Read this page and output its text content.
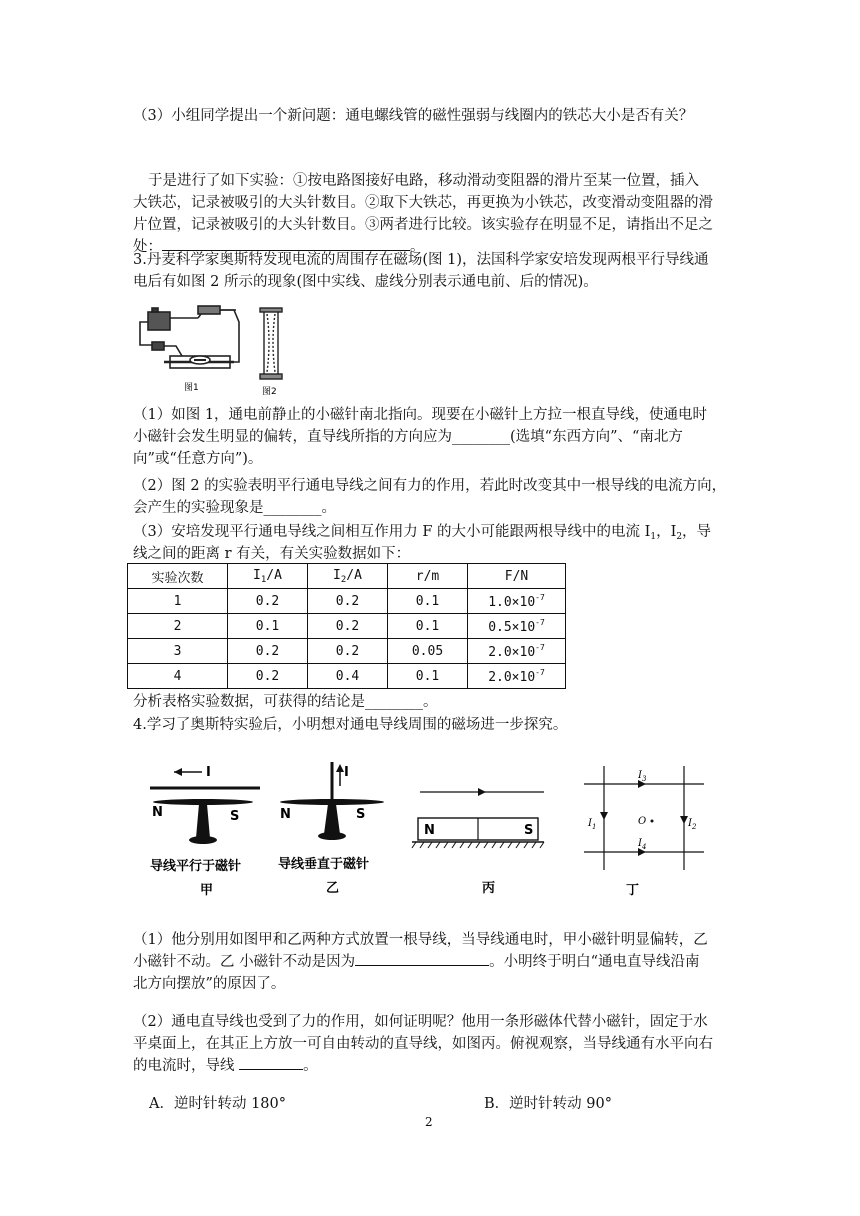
（3）小组同学提出一个新问题：通电螺线管的磁性强弱与线圈内的铁芯大小是否有关？
于是进行了如下实验：①按电路图接好电路，移动滑动变阻器的滑片至某一位置，插入
大铁芯，记录被吸引的大头针数目。②取下大铁芯，再更换为小铁芯，改变滑动变阻器的滑
片位置，记录被吸引的大头针数目。③两者进行比较。该实验存在明显不足，请指出不足之
处：	。
3.丹麦科学家奥斯特发现电流的周围存在磁场(图 1)，法国科学家安培发现两根平行导线通
电后有如图 2 所示的现象(图中实线、虚线分别表示通电前、后的情况)。
图1	图2
（1）如图 1，通电前静止的小磁针南北指向。现要在小磁针上方拉一根直导线，使通电时
小磁针会发生明显的偏转，直导线所指的方向应为________(选填“东西方向”、“南北方
向”或“任意方向”)。
（2）图 2 的实验表明平行通电导线之间有力的作用，若此时改变其中一根导线的电流方向，
会产生的实验现象是________。
（3）安培发现平行通电导线之间相互作用力 F 的大小可能跟两根导线中的电流 $I_1$，$I_2$，导
线之间的距离 r 有关，有关实验数据如下：
实验次数	$I_1/A$	$I_2/A$	r/m	F/N
1	0.2	0.2	0.1	$1.0\times 10^{-7}$
2	0.1	0.2	0.1	$0.5\times 10^{-7}$
3	0.2	0.2	0.05	$2.0\times 10^{-7}$
4	0.2	0.4	0.1	$2.0\times 10^{-7}$
分析表格实验数据，可获得的结论是________。
4.学习了奥斯特实验后，小明想对通电导线周围的磁场进一步探究。
I
N	S
导线平行于磁针
甲
I
N	S
导线垂直于磁针
乙
N	S
丙
$I_3$
$I_4$
$I_1$	$I_2$
O
丁
（1）他分别用如图甲和乙两种方式放置一根导线，当导线通电时，甲小磁针明显偏转，乙
小磁针不动。乙 小磁针不动是因为	。小明终于明白“通电直导线沿南
北方向摆放”的原因了。
（2）通电直导线也受到了力的作用，如何证明呢？他用一条形磁体代替小磁针，固定于水
平桌面上，在其正上方放一可自由转动的直导线，如图丙。俯视观察，当导线通有水平向右
的电流时，导线	。
A．逆时针转动 180°	B．逆时针转动 90°
2
